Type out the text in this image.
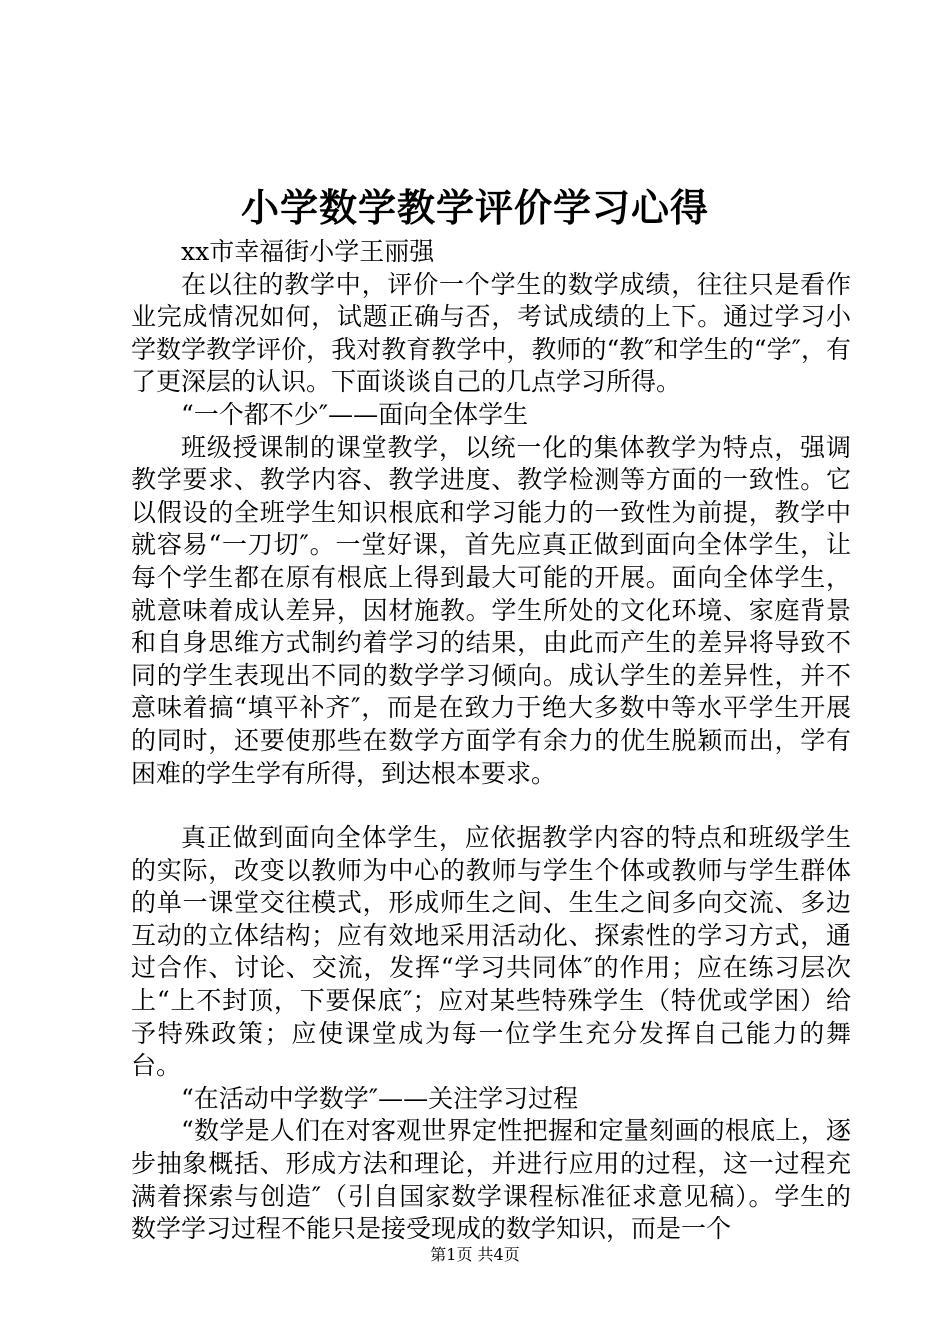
小学数学教学评价学习心得

xx市幸福街小学王丽强

在以往的教学中，评价一个学生的数学成绩，往往只是看作业完成情况如何，试题正确与否，考试成绩的上下。通过学习小学数学教学评价，我对教育教学中，教师的“教″和学生的“学″，有了更深层的认识。下面谈谈自己的几点学习所得。

“一个都不少″——面向全体学生

班级授课制的课堂教学，以统一化的集体教学为特点，强调教学要求、教学内容、教学进度、教学检测等方面的一致性。它以假设的全班学生知识根底和学习能力的一致性为前提，教学中就容易“一刀切″。一堂好课，首先应真正做到面向全体学生，让每个学生都在原有根底上得到最大可能的开展。面向全体学生，就意味着成认差异，因材施教。学生所处的文化环境、家庭背景和自身思维方式制约着学习的结果，由此而产生的差异将导致不同的学生表现出不同的数学学习倾向。成认学生的差异性，并不意味着搞“填平补齐″，而是在致力于绝大多数中等水平学生开展的同时，还要使那些在数学方面学有余力的优生脱颖而出，学有困难的学生学有所得，到达根本要求。

真正做到面向全体学生，应依据教学内容的特点和班级学生的实际，改变以教师为中心的教师与学生个体或教师与学生群体的单一课堂交往模式，形成师生之间、生生之间多向交流、多边互动的立体结构；应有效地采用活动化、探索性的学习方式，通过合作、讨论、交流，发挥“学习共同体″的作用；应在练习层次上“上不封顶，下要保底″；应对某些特殊学生（特优或学困）给予特殊政策；应使课堂成为每一位学生充分发挥自己能力的舞台。

“在活动中学数学″——关注学习过程

“数学是人们在对客观世界定性把握和定量刻画的根底上，逐步抽象概括、形成方法和理论，并进行应用的过程，这一过程充满着探索与创造″（引自国家数学课程标准征求意见稿）。学生的数学学习过程不能只是接受现成的数学知识，而是一个

第1页 共4页
